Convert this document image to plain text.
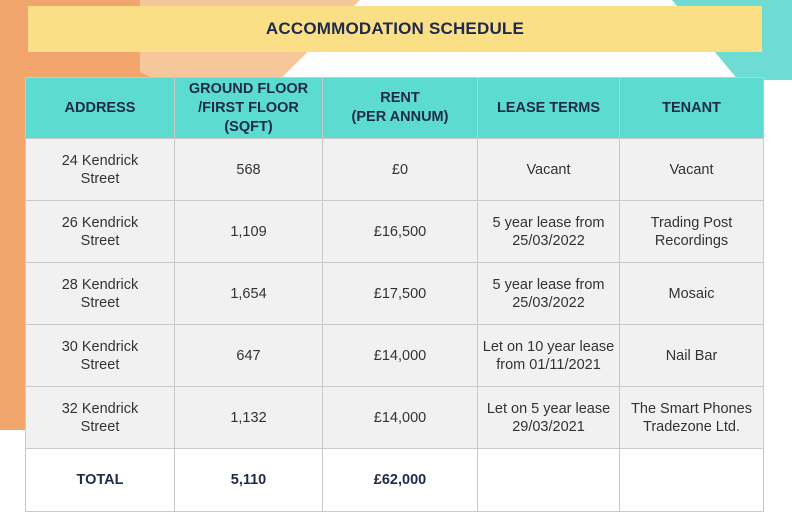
ACCOMMODATION SCHEDULE
ADDRESS	GROUND FLOOR
/FIRST FLOOR
(SQFT)	RENT
(PER ANNUM)	LEASE TERMS	TENANT
24 Kendrick
Street	568	£0	Vacant	Vacant
26 Kendrick
Street	1,109	£16,500	5 year lease from 25/03/2022	Trading Post Recordings
28 Kendrick
Street	1,654	£17,500	5 year lease from 25/03/2022	Mosaic
30 Kendrick
Street	647	£14,000	Let on 10 year lease from 01/11/2021	Nail Bar
32 Kendrick
Street	1,132	£14,000	Let on 5 year lease 29/03/2021	The Smart Phones Tradezone Ltd.
TOTAL	5,110	£62,000		
